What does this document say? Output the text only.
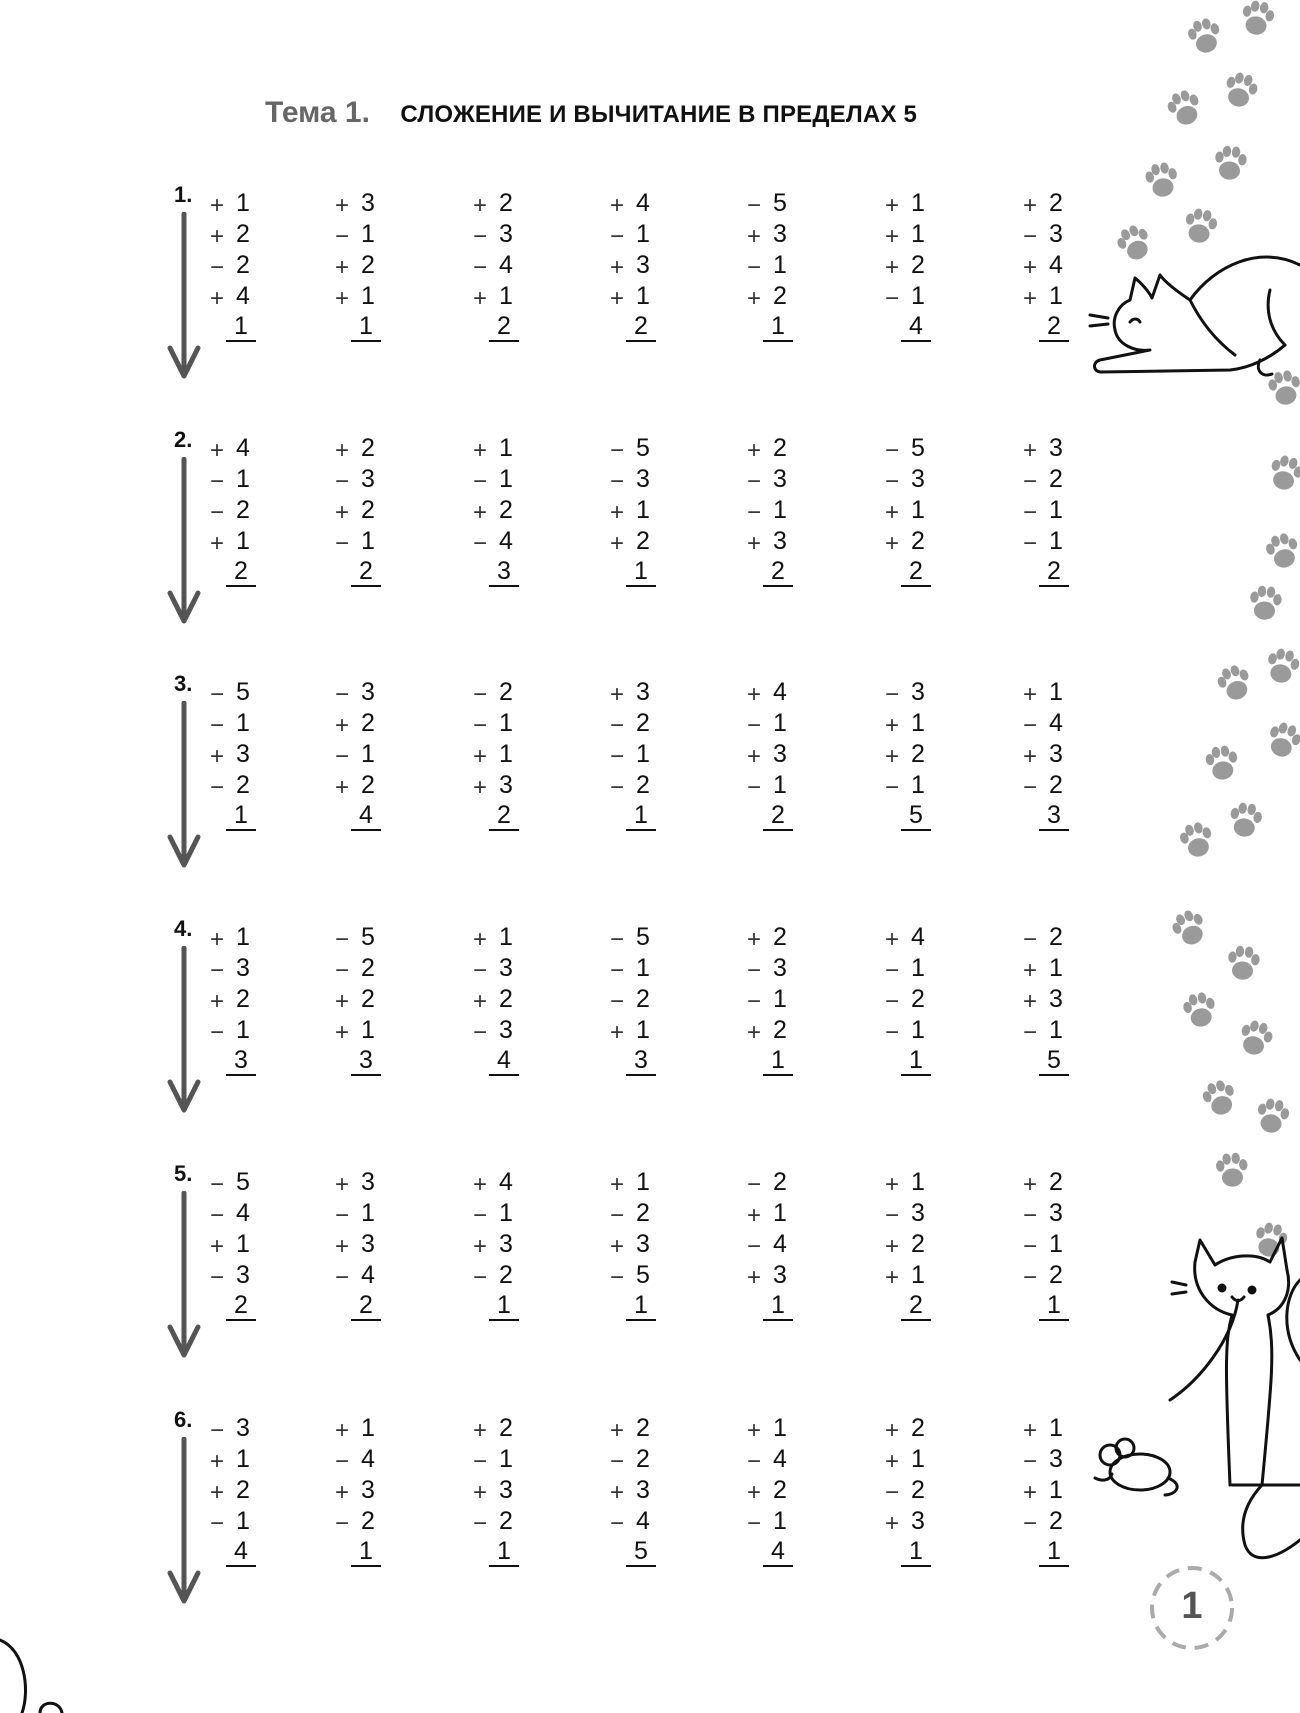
Тема 1. СЛОЖЕНИЕ И ВЫЧИТАНИЕ В ПРЕДЕЛАХ 5
1. + 1
+ 2
− 2
+ 4
1
+ 3
− 1
+ 2
+ 1
1
+ 2
− 3
− 4
+ 1
2
+ 4
− 1
+ 3
+ 1
2
− 5
+ 3
− 1
+ 2
1
+ 1
+ 1
+ 2
− 1
4
+ 2
− 3
+ 4
+ 1
2
2. + 4
− 1
− 2
+ 1
2
+ 2
− 3
+ 2
− 1
2
+ 1
− 1
+ 2
− 4
3
− 5
− 3
+ 1
+ 2
1
+ 2
− 3
− 1
+ 3
2
− 5
− 3
+ 1
+ 2
2
+ 3
− 2
− 1
− 1
2
3. − 5
− 1
+ 3
− 2
1
− 3
+ 2
− 1
+ 2
4
− 2
− 1
+ 1
+ 3
2
+ 3
− 2
− 1
− 2
1
+ 4
− 1
+ 3
− 1
2
− 3
+ 1
+ 2
− 1
5
+ 1
− 4
+ 3
− 2
3
4. + 1
− 3
+ 2
− 1
3
− 5
− 2
+ 2
+ 1
3
+ 1
− 3
+ 2
− 3
4
− 5
− 1
− 2
+ 1
3
+ 2
− 3
− 1
+ 2
1
+ 4
− 1
− 2
− 1
1
− 2
+ 1
+ 3
− 1
5
5. − 5
− 4
+ 1
− 3
2
+ 3
− 1
+ 3
− 4
2
+ 4
− 1
+ 3
− 2
1
+ 1
− 2
+ 3
− 5
1
− 2
+ 1
− 4
+ 3
1
+ 1
− 3
+ 2
+ 1
2
+ 2
− 3
− 1
− 2
1
6. − 3
+ 1
+ 2
− 1
4
+ 1
− 4
+ 3
− 2
1
+ 2
− 1
+ 3
− 2
1
+ 2
− 2
+ 3
− 4
5
+ 1
− 4
+ 2
− 1
4
+ 2
+ 1
− 2
+ 3
1
+ 1
− 3
+ 1
− 2
1
1
